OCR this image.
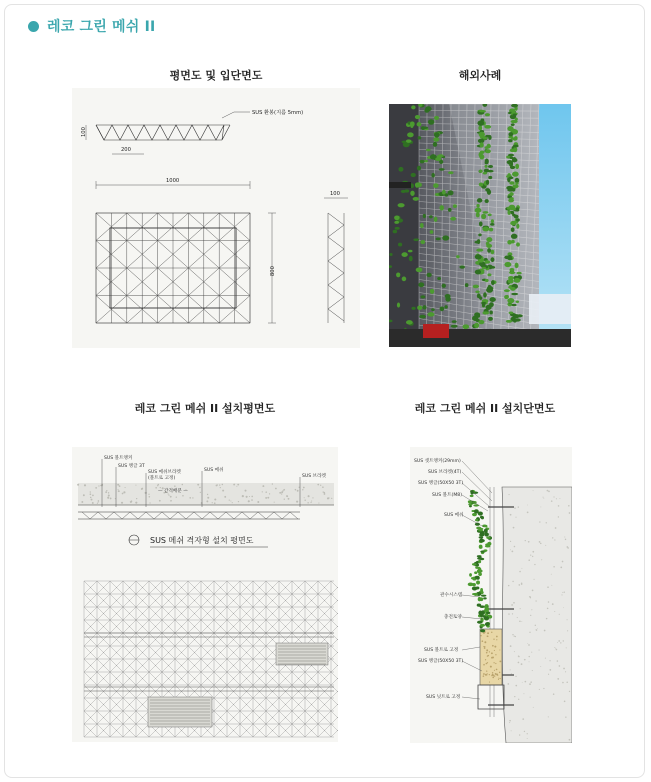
레코 그린 메쉬 II
평면도 및 입단면도	해외사례
레코 그린 메쉬 II 설치평면도	레코 그린 메쉬 II 설치단면도
SUS 환봉(지름 5mm)
100
200
1000
800
100
SUS 볼트앵커
SUS 앵글 3T
SUS 메쉬브라켓
(볼트로 고정)
SUS 메쉬
SUS 브라켓
— 간격배분 —
SUS 메쉬 격자형 설치 평면도
SUS 셋트앵커(29mm)
SUS 브라켓(4T)
SUS 앵글(50X50 3T)
SUS 볼트(M8)
SUS 메쉬
관수시스템
충전토양
SUS 볼트로 고정
SUS 앵글(50X50 3T)
SUS 넛트로 고정
